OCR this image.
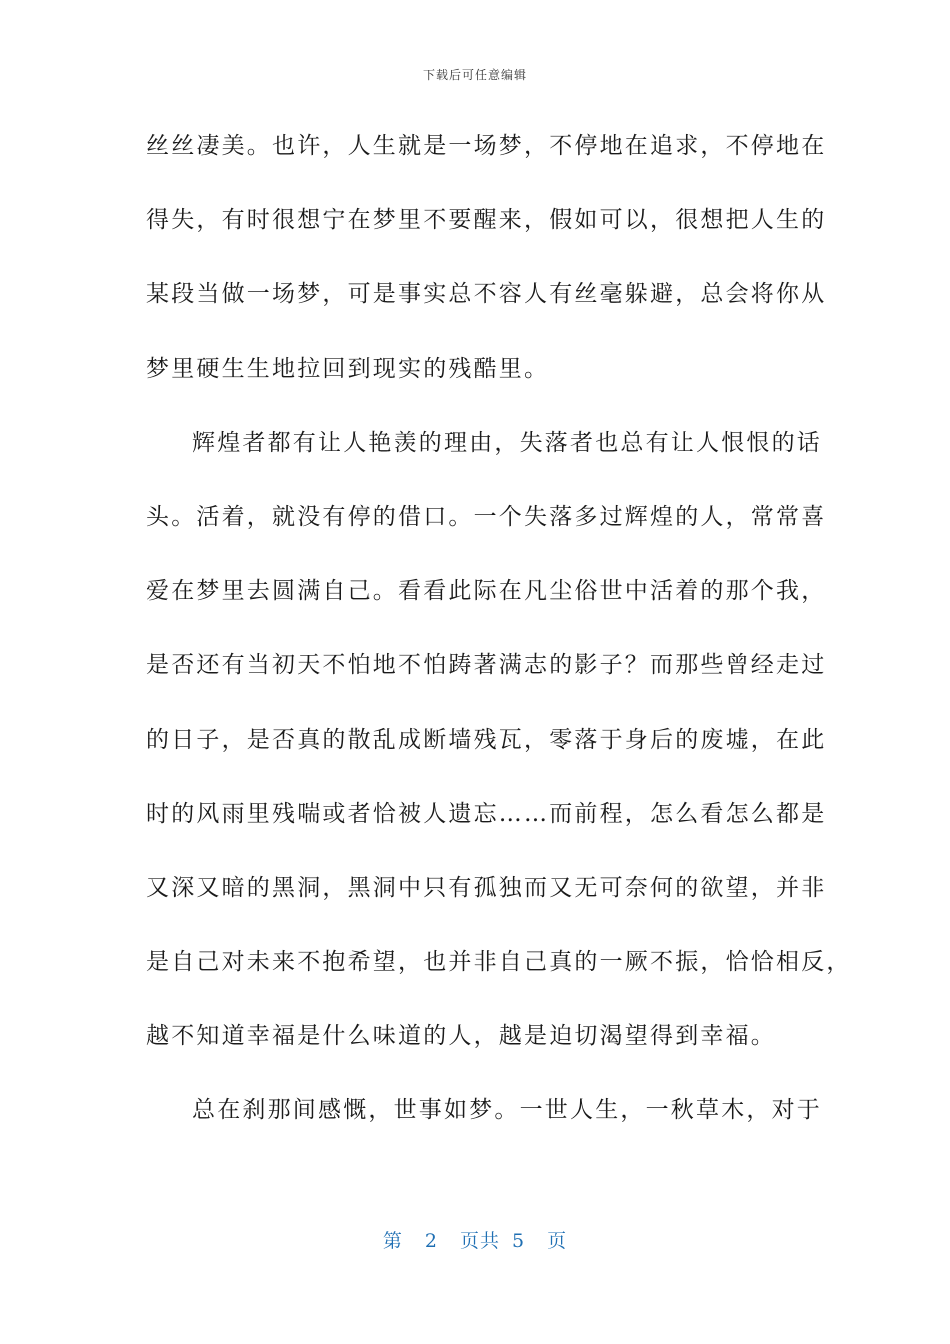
下载后可任意编辑
丝丝凄美。也许，人生就是一场梦，不停地在追求，不停地在
得失，有时很想宁在梦里不要醒来，假如可以，很想把人生的
某段当做一场梦，可是事实总不容人有丝毫躲避，总会将你从
梦里硬生生地拉回到现实的残酷里。
辉煌者都有让人艳羡的理由，失落者也总有让人恨恨的话
头。活着，就没有停的借口。一个失落多过辉煌的人，常常喜
爱在梦里去圆满自己。看看此际在凡尘俗世中活着的那个我，
是否还有当初天不怕地不怕踌著满志的影子？而那些曾经走过
的日子，是否真的散乱成断墙残瓦，零落于身后的废墟，在此
时的风雨里残喘或者恰被人遗忘……而前程，怎么看怎么都是
又深又暗的黑洞，黑洞中只有孤独而又无可奈何的欲望，并非
是自己对未来不抱希望，也并非自己真的一厥不振，恰恰相反，
越不知道幸福是什么味道的人，越是迫切渴望得到幸福。
总在刹那间感慨，世事如梦。一世人生，一秋草木，对于
第 2 页共 5 页
